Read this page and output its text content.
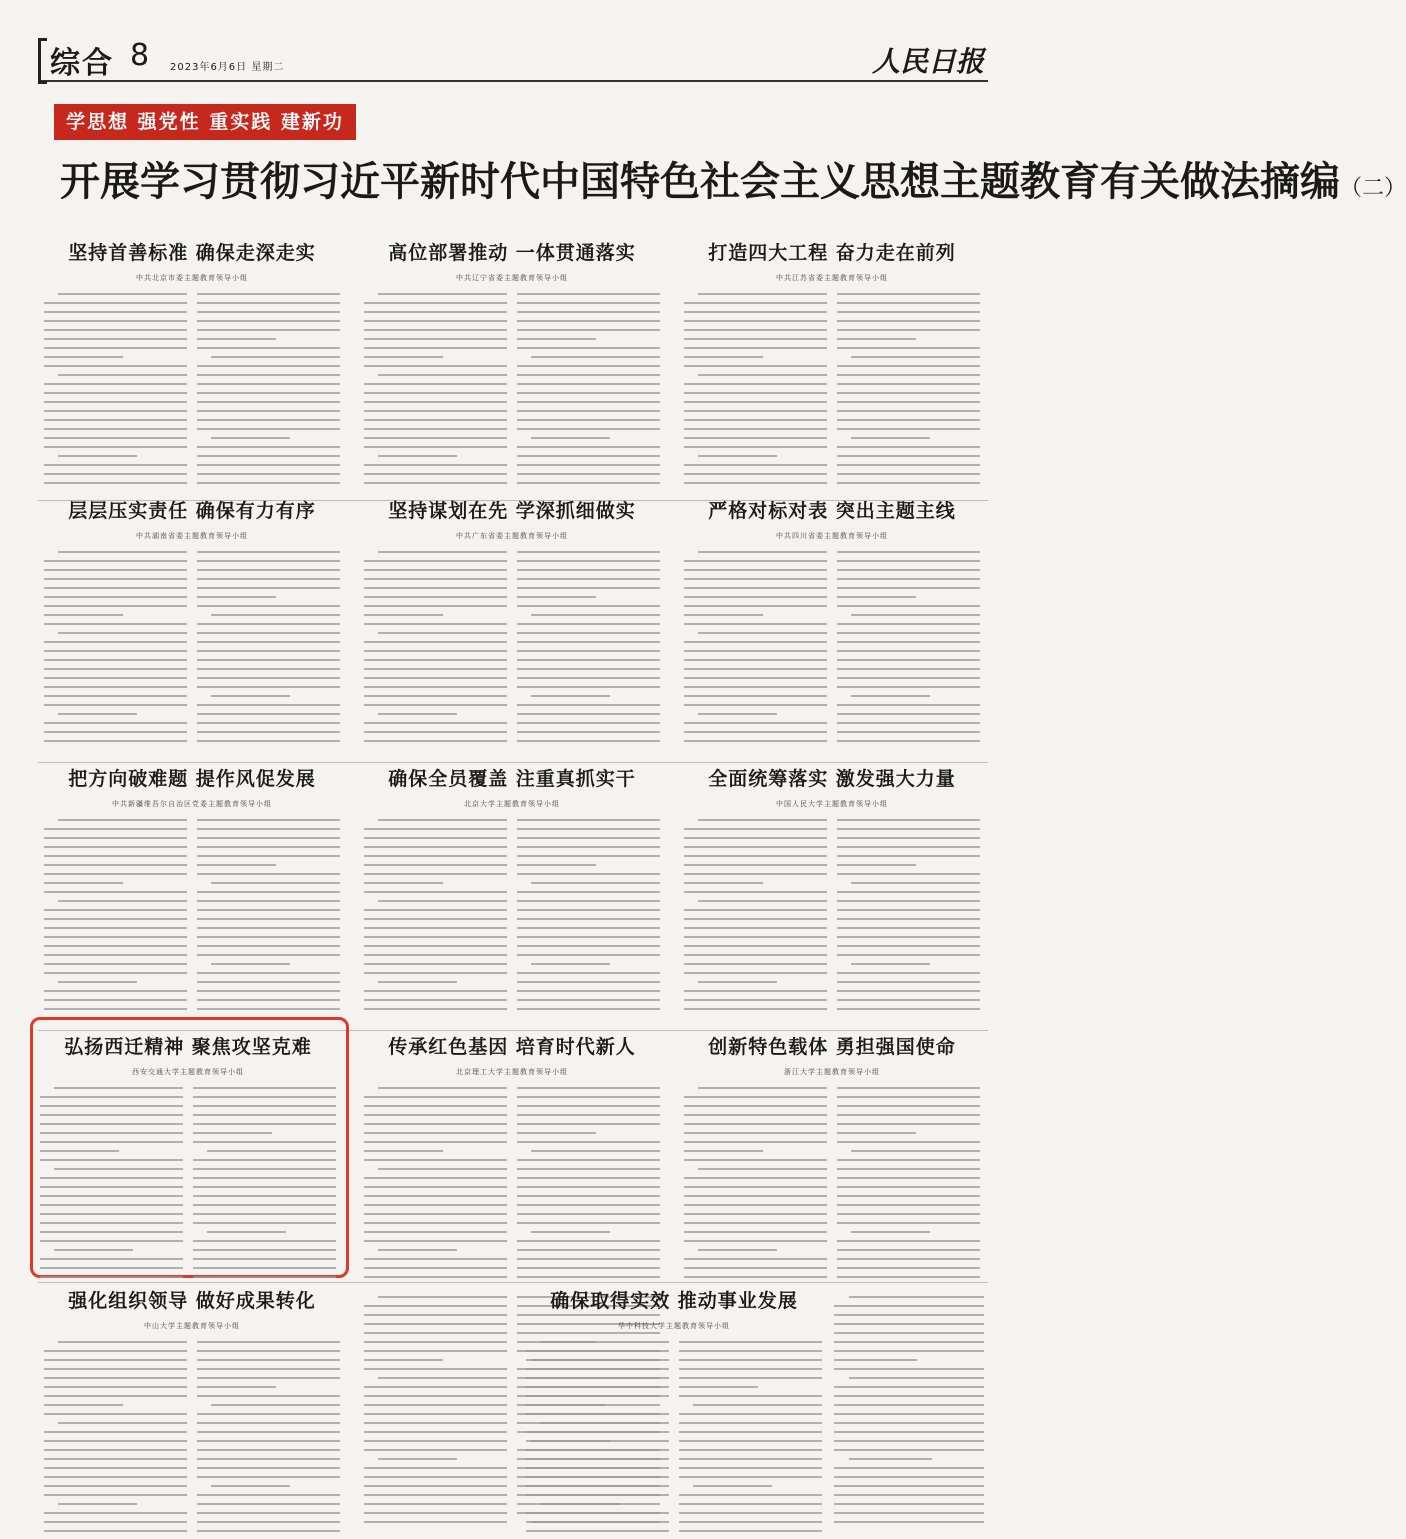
综合 8 2023年6月6日 星期二	人民日报
学思想 强党性 重实践 建新功
开展学习贯彻习近平新时代中国特色社会主义思想主题教育有关做法摘编（二）
坚持首善标准 确保走深走实
中共北京市委主题教育领导小组
高位部署推动 一体贯通落实
中共辽宁省委主题教育领导小组
打造四大工程 奋力走在前列
中共江苏省委主题教育领导小组
层层压实责任 确保有力有序
中共湖南省委主题教育领导小组
坚持谋划在先 学深抓细做实
中共广东省委主题教育领导小组
严格对标对表 突出主题主线
中共四川省委主题教育领导小组
把方向破难题 提作风促发展
中共新疆维吾尔自治区党委主题教育领导小组
确保全员覆盖 注重真抓实干
北京大学主题教育领导小组
全面统筹落实 激发强大力量
中国人民大学主题教育领导小组
弘扬西迁精神 聚焦攻坚克难
西安交通大学主题教育领导小组
传承红色基因 培育时代新人
北京理工大学主题教育领导小组
创新特色载体 勇担强国使命
浙江大学主题教育领导小组
强化组织领导 做好成果转化
中山大学主题教育领导小组
确保取得实效 推动事业发展
华中科技大学主题教育领导小组
